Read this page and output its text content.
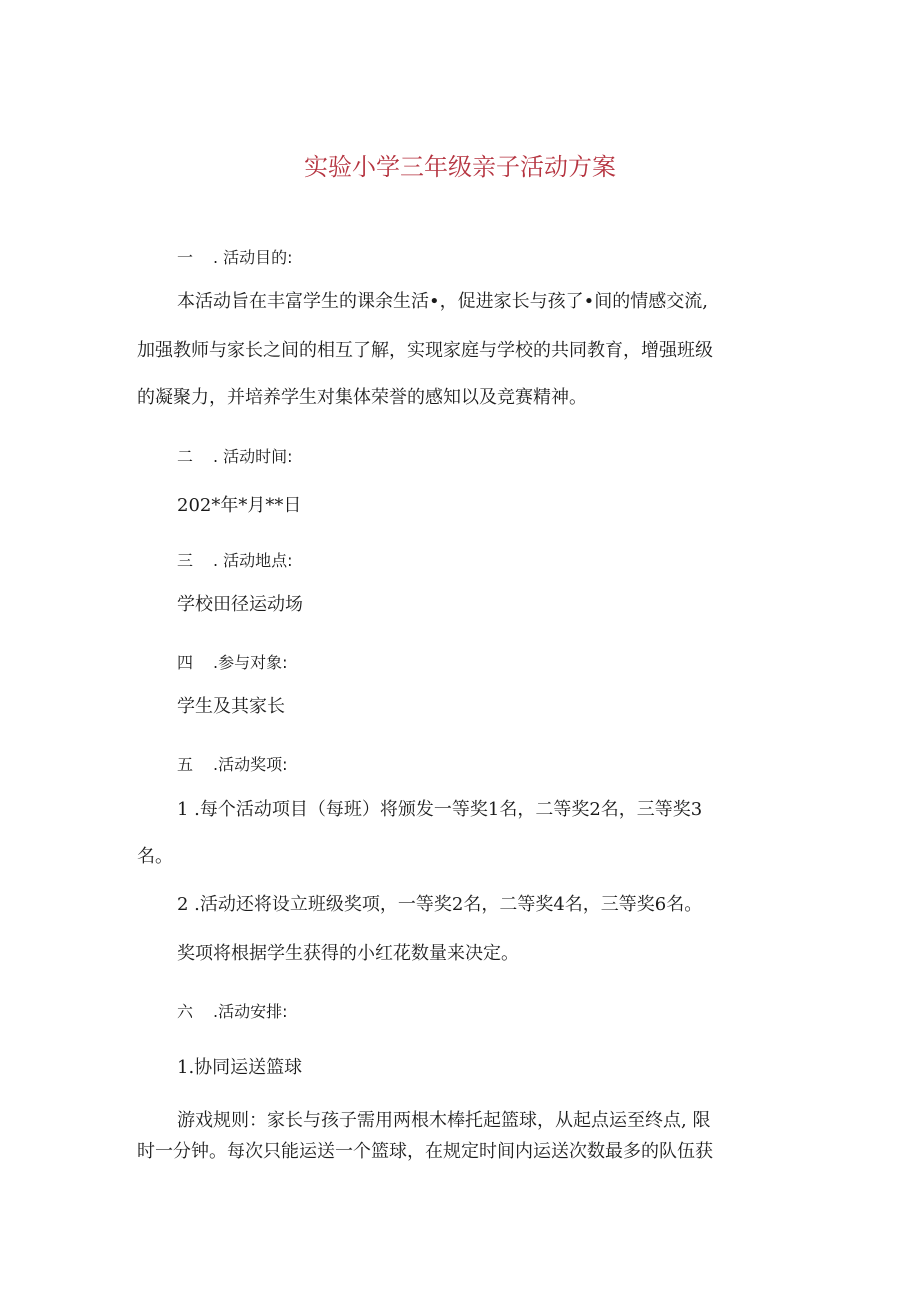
实验小学三年级亲子活动方案
一 . 活动目的:
本活动旨在丰富学生的课余生活•，促进家长与孩了•间的情感交流,
加强教师与家长之间的相互了解，实现家庭与学校的共同教育，增强班级
的凝聚力，并培养学生对集体荣誉的感知以及竞赛精神。
二 . 活动时间:
202*年*月**日
三 . 活动地点:
学校田径运动场
四 .参与对象:
学生及其家长
五 .活动奖项:
1 .每个活动项目（每班）将颁发一等奖1名，二等奖2名，三等奖3
名。
2 .活动还将设立班级奖项，一等奖2名，二等奖4名，三等奖6名。
奖项将根据学生获得的小红花数量来决定。
六 .活动安排:
1.协同运送篮球
游戏规则：家长与孩子需用两根木棒托起篮球，从起点运至终点, 限
时一分钟。每次只能运送一个篮球，在规定时间内运送次数最多的队伍获
